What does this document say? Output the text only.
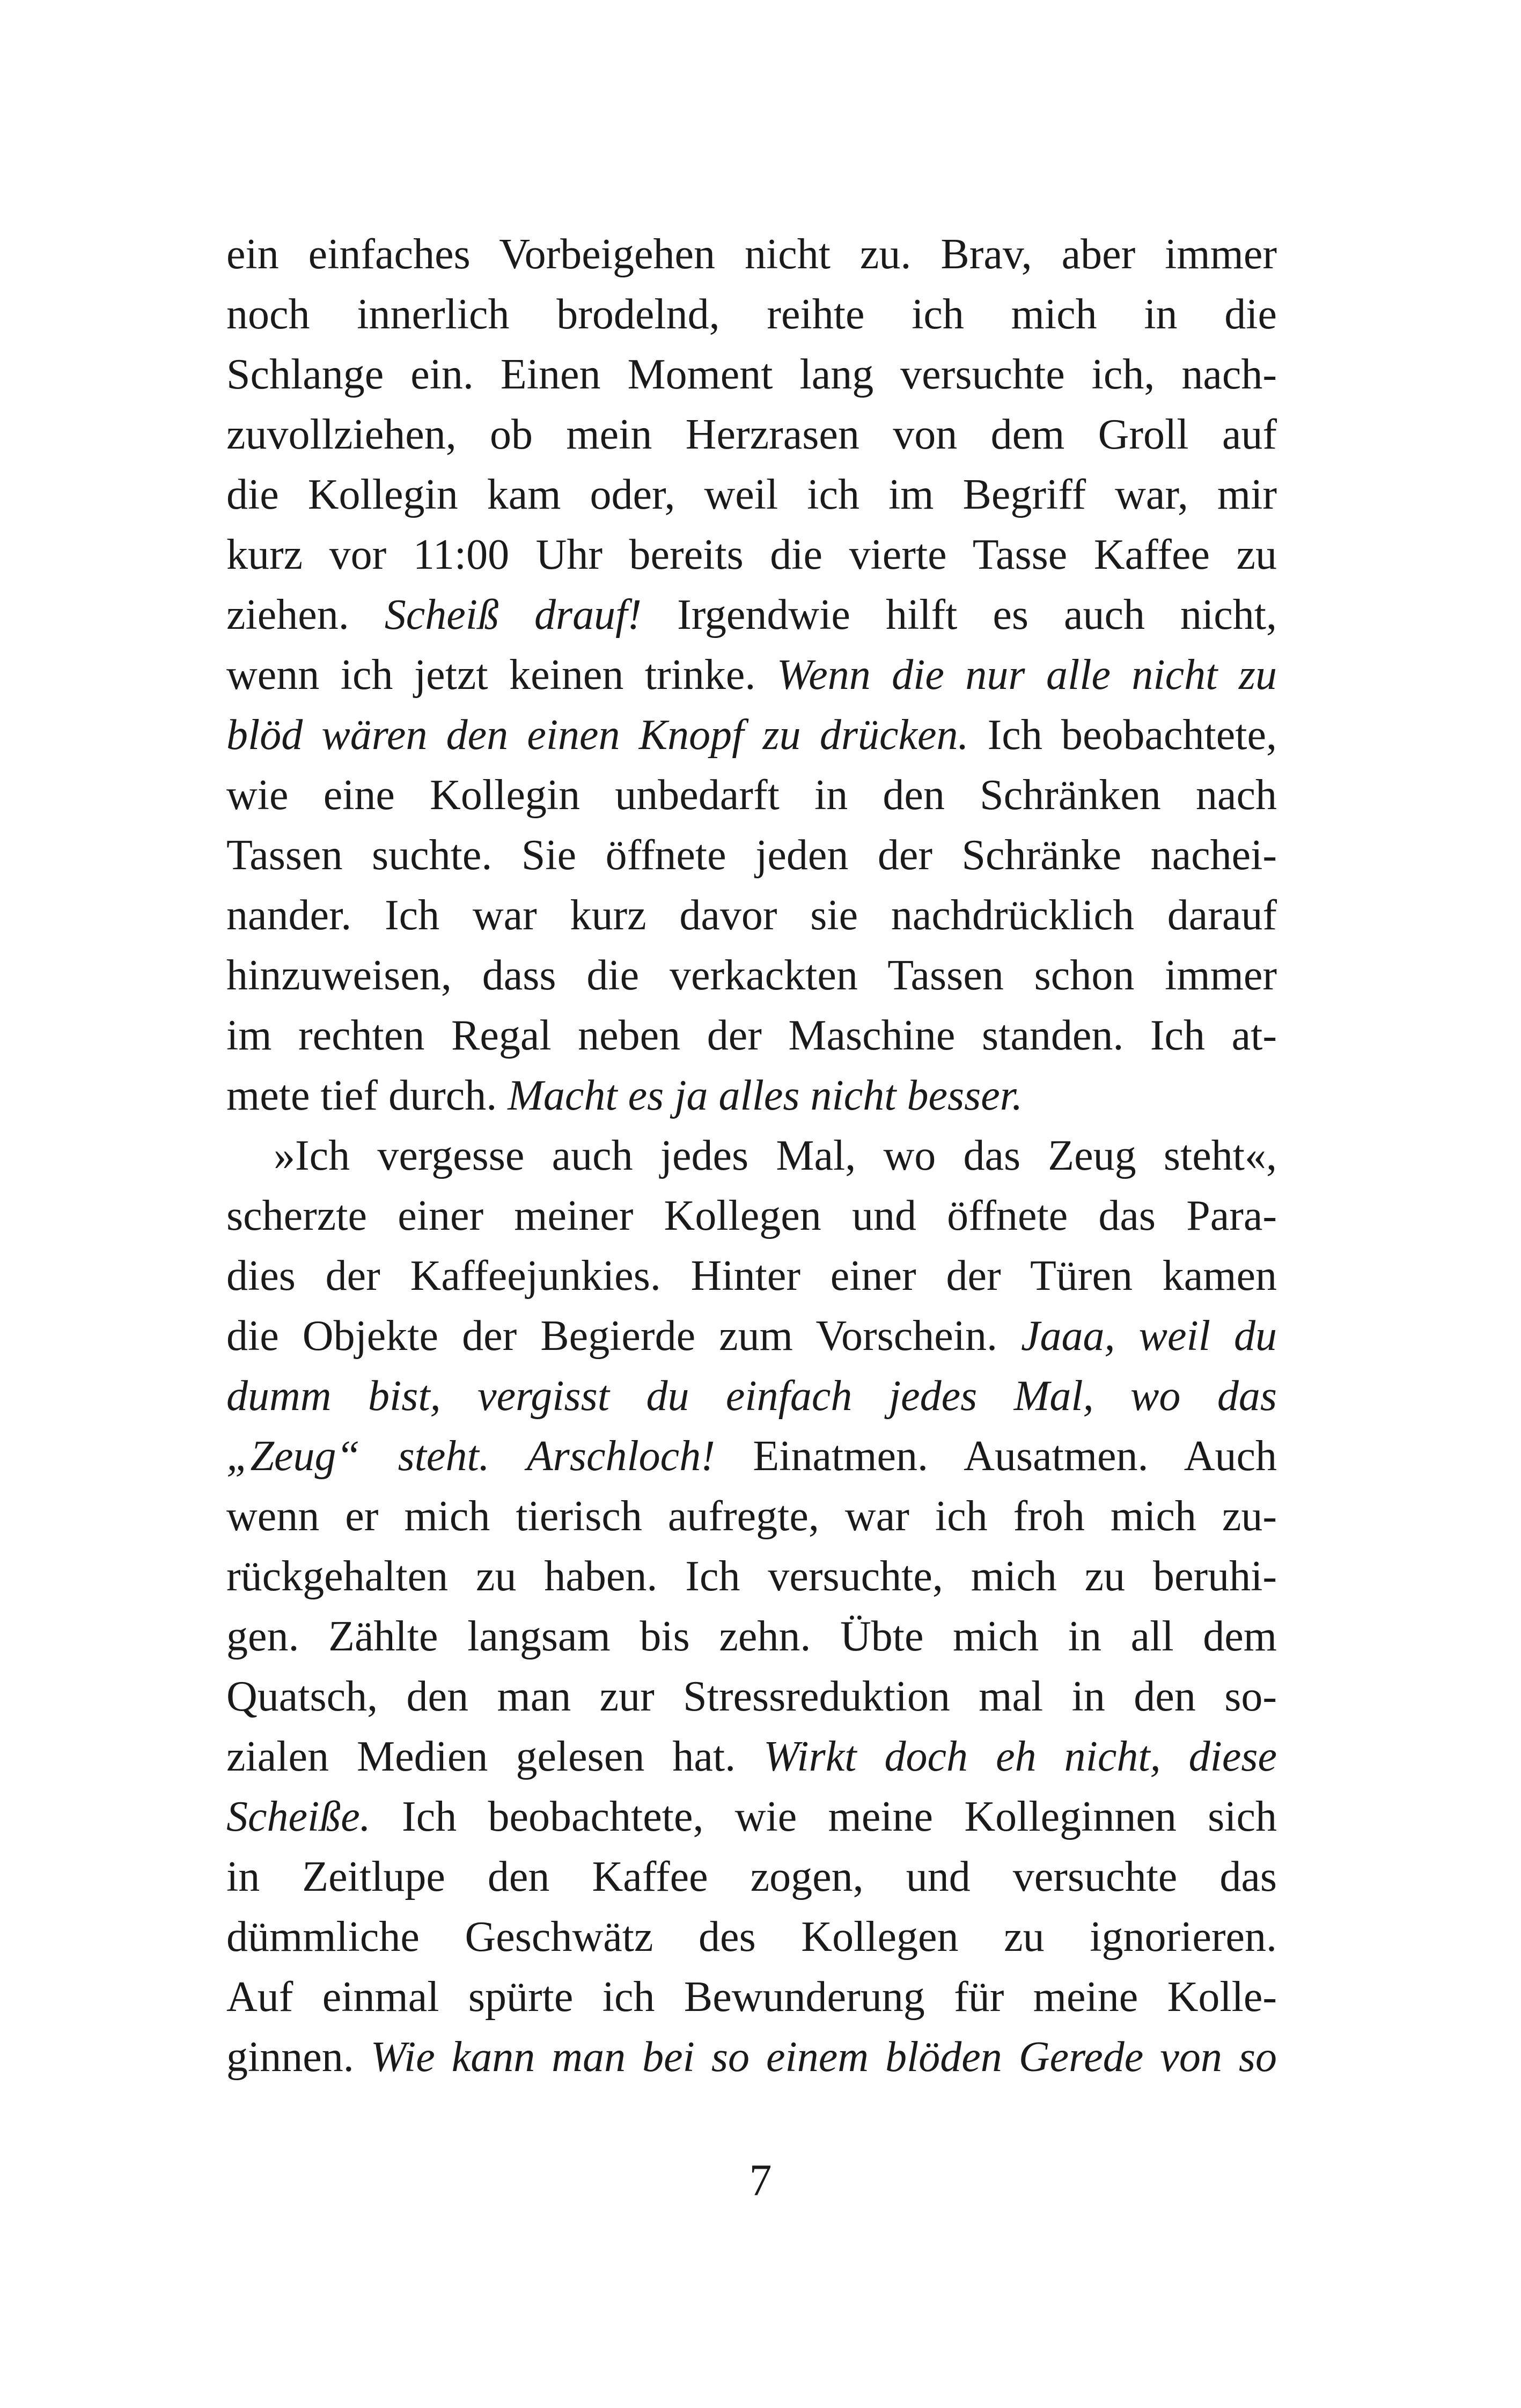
ein einfaches Vorbeigehen nicht zu. Brav, aber immer
noch innerlich brodelnd, reihte ich mich in die
Schlange ein. Einen Moment lang versuchte ich, nach-
zuvollziehen, ob mein Herzrasen von dem Groll auf
die Kollegin kam oder, weil ich im Begriff war, mir
kurz vor 11:00 Uhr bereits die vierte Tasse Kaffee zu
ziehen. Scheiß drauf! Irgendwie hilft es auch nicht,
wenn ich jetzt keinen trinke. Wenn die nur alle nicht zu
blöd wären den einen Knopf zu drücken. Ich beobachtete,
wie eine Kollegin unbedarft in den Schränken nach
Tassen suchte. Sie öffnete jeden der Schränke nachei-
nander. Ich war kurz davor sie nachdrücklich darauf
hinzuweisen, dass die verkackten Tassen schon immer
im rechten Regal neben der Maschine standen. Ich at-
mete tief durch. Macht es ja alles nicht besser.
»Ich vergesse auch jedes Mal, wo das Zeug steht«,
scherzte einer meiner Kollegen und öffnete das Para-
dies der Kaffeejunkies. Hinter einer der Türen kamen
die Objekte der Begierde zum Vorschein. Jaaa, weil du
dumm bist, vergisst du einfach jedes Mal, wo das
„Zeug“ steht. Arschloch! Einatmen. Ausatmen. Auch
wenn er mich tierisch aufregte, war ich froh mich zu-
rückgehalten zu haben. Ich versuchte, mich zu beruhi-
gen. Zählte langsam bis zehn. Übte mich in all dem
Quatsch, den man zur Stressreduktion mal in den so-
zialen Medien gelesen hat. Wirkt doch eh nicht, diese
Scheiße. Ich beobachtete, wie meine Kolleginnen sich
in Zeitlupe den Kaffee zogen, und versuchte das
dümmliche Geschwätz des Kollegen zu ignorieren.
Auf einmal spürte ich Bewunderung für meine Kolle-
ginnen. Wie kann man bei so einem blöden Gerede von so
7
